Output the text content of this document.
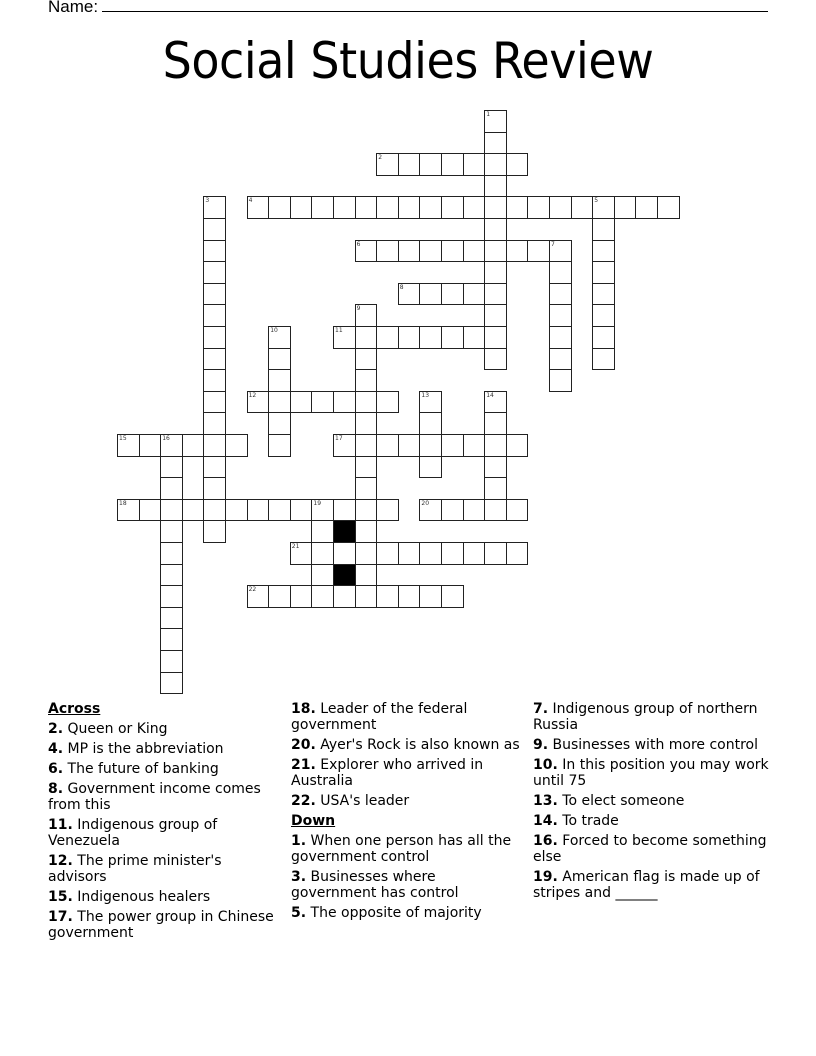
Name:
Social Studies Review
2
4	5
6	7
8
11
12
15	16	17
18	19	20
21
22
1
3
9
10
13	14
Across
2. Queen or King
4. MP is the abbreviation
6. The future of banking
8. Government income comes from this
11. Indigenous group of Venezuela
12. The prime minister's advisors
15. Indigenous healers
17. The power group in Chinese government
18. Leader of the federal government
20. Ayer's Rock is also known as
21. Explorer who arrived in Australia
22. USA's leader
Down
1. When one person has all the government control
3. Businesses where government has control
5. The opposite of majority
7. Indigenous group of northern Russia
9. Businesses with more control
10. In this position you may work until 75
13. To elect someone
14. To trade
16. Forced to become something else
19. American flag is made up of stripes and ______
